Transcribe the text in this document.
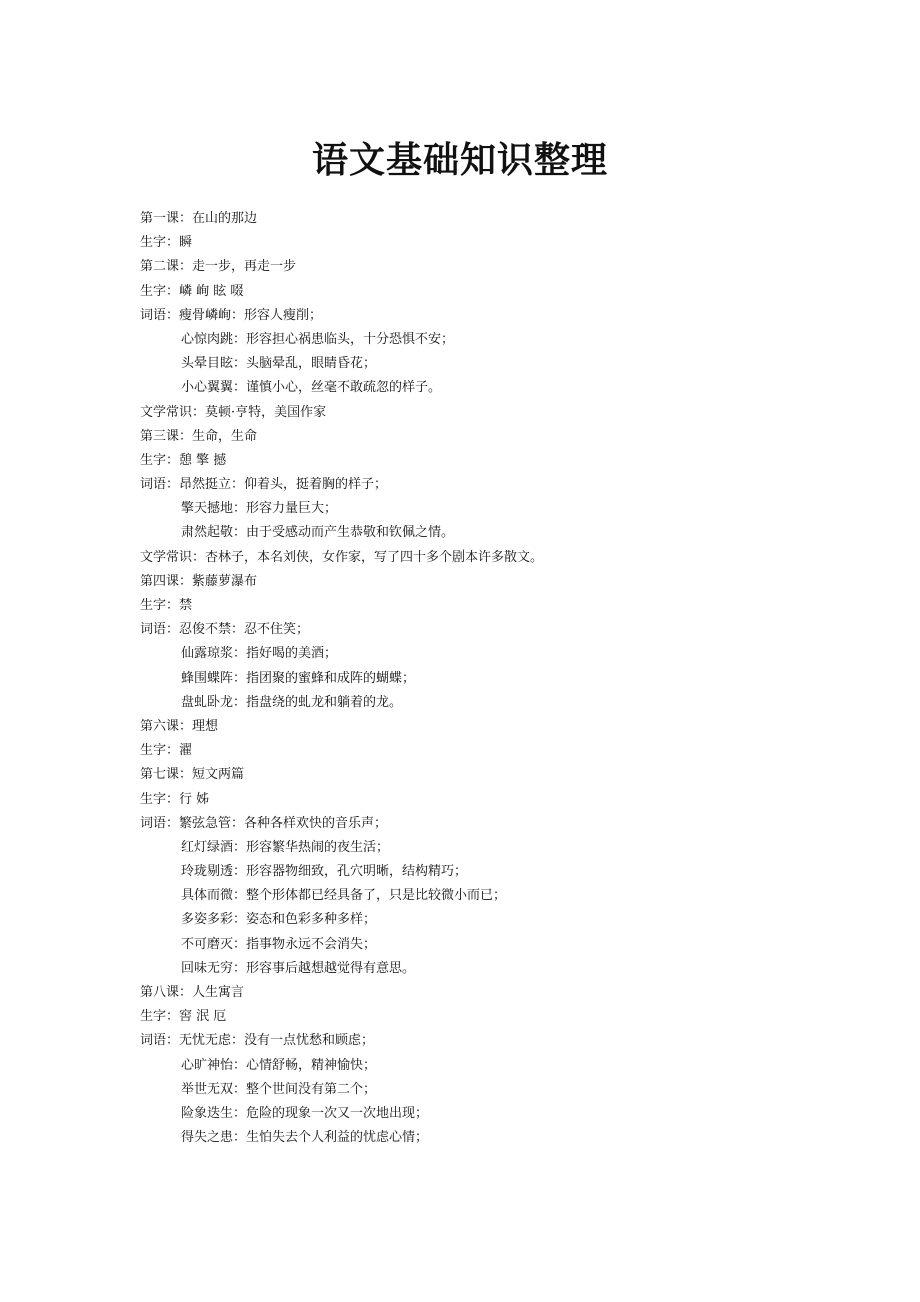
语文基础知识整理
第一课：在山的那边
生字：瞬
第二课：走一步，再走一步
生字：嶙 峋 眩 啜
词语：瘦骨嶙峋：形容人瘦削；
心惊肉跳：形容担心祸患临头，十分恐惧不安；
头晕目眩：头脑晕乱，眼睛昏花；
小心翼翼：谨慎小心，丝毫不敢疏忽的样子。
文学常识：莫顿·亨特，美国作家
第三课：生命，生命
生字：憩 擎 撼
词语：昂然挺立：仰着头，挺着胸的样子；
擎天撼地：形容力量巨大；
肃然起敬：由于受感动而产生恭敬和钦佩之情。
文学常识：杏林子，本名刘侠，女作家，写了四十多个剧本许多散文。
第四课：紫藤萝瀑布
生字：禁
词语：忍俊不禁：忍不住笑；
仙露琼浆：指好喝的美酒；
蜂围蝶阵：指团聚的蜜蜂和成阵的蝴蝶；
盘虬卧龙：指盘绕的虬龙和躺着的龙。
第六课：理想
生字：濯
第七课：短文两篇
生字：行 姊
词语：繁弦急管：各种各样欢快的音乐声；
红灯绿酒：形容繁华热闹的夜生活；
玲珑剔透：形容器物细致，孔穴明晰，结构精巧；
具体而微：整个形体都已经具备了，只是比较微小而已；
多姿多彩：姿态和色彩多种多样；
不可磨灭：指事物永远不会消失；
回味无穷：形容事后越想越觉得有意思。
第八课：人生寓言
生字：窖 泯 厄
词语：无忧无虑：没有一点忧愁和顾虑；
心旷神怡：心情舒畅，精神愉快；
举世无双：整个世间没有第二个；
险象迭生：危险的现象一次又一次地出现；
得失之患：生怕失去个人利益的忧虑心情；
